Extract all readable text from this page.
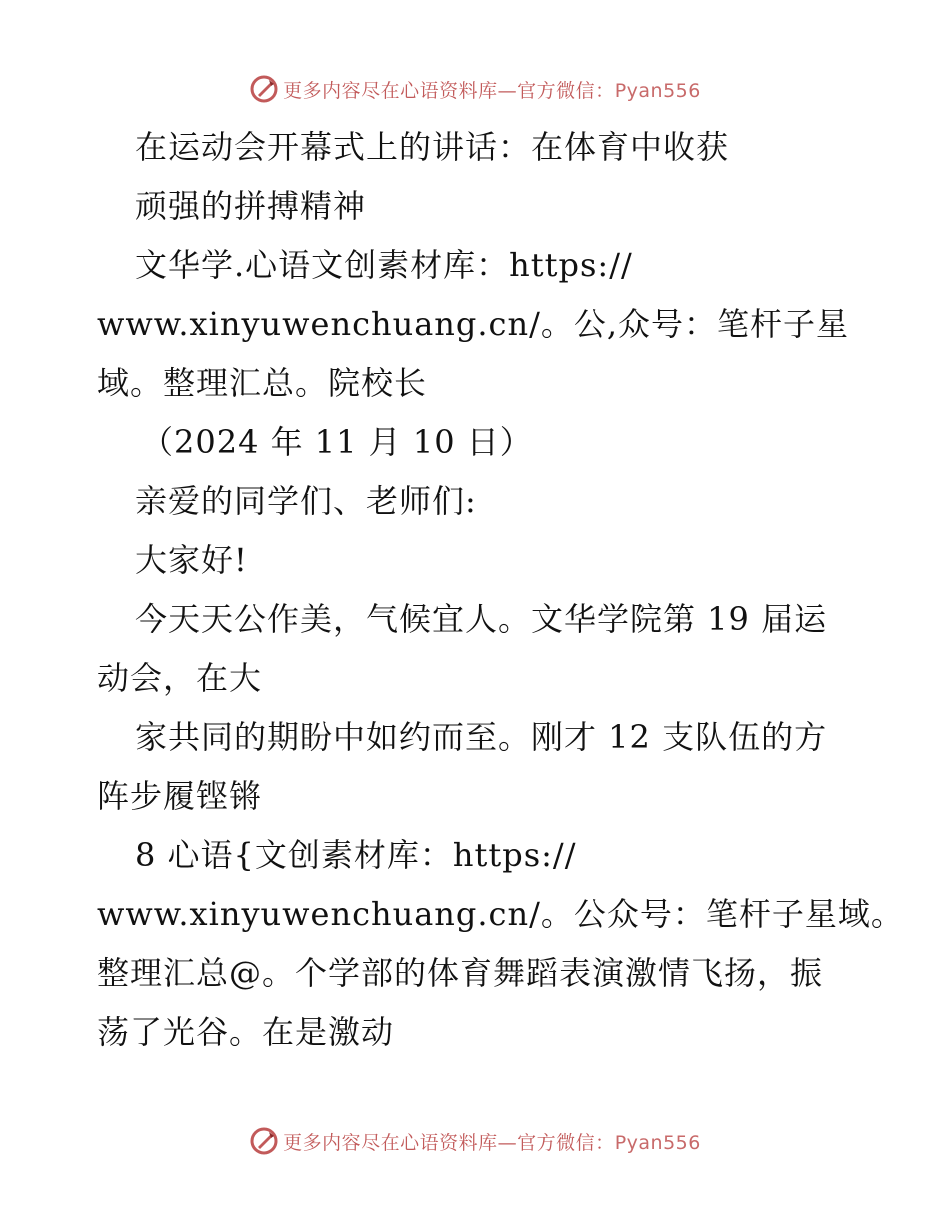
更多内容尽在心语资料库—官方微信：Pyan556
在运动会开幕式上的讲话：在体育中收获
顽强的拼搏精神
文华学.心语文创素材库：https://
www.xinyuwenchuang.cn/。公,众号：笔杆子星
域。整理汇总。院校长
（2024 年 11 月 10 日）
亲爱的同学们、老师们:
大家好!
今天天公作美，气候宜人。文华学院第 19 届运
动会，在大
家共同的期盼中如约而至。刚才 12 支队伍的方
阵步履铿锵
8 心语{文创素材库：https://
www.xinyuwenchuang.cn/。公众号：笔杆子星域。
整理汇总@。个学部的体育舞蹈表演激情飞扬，振
荡了光谷。在是激动
更多内容尽在心语资料库—官方微信：Pyan556
